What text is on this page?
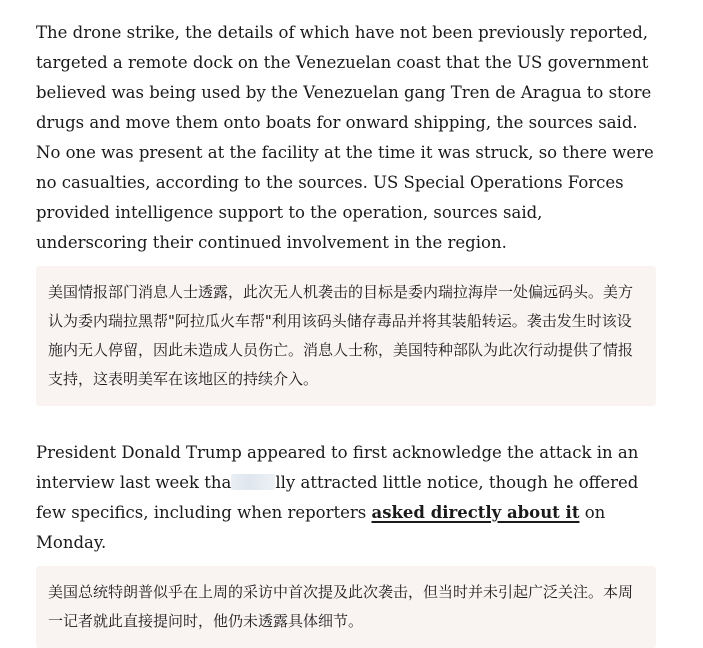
The drone strike, the details of which have not been previously reported, targeted a remote dock on the Venezuelan coast that the US government believed was being used by the Venezuelan gang Tren de Aragua to store drugs and move them onto boats for onward shipping, the sources said. No one was present at the facility at the time it was struck, so there were no casualties, according to the sources. US Special Operations Forces provided intelligence support to the operation, sources said, underscoring their continued involvement in the region.

美国情报部门消息人士透露，此次无人机袭击的目标是委内瑞拉海岸一处偏远码头。美方认为委内瑞拉黑帮"阿拉瓜火车帮"利用该码头储存毒品并将其装船转运。袭击发生时该设施内无人停留，因此未造成人员伤亡。消息人士称，美国特种部队为此次行动提供了情报支持，这表明美军在该地区的持续介入。

President Donald Trump appeared to first acknowledge the attack in an interview last week tha	lly attracted little notice, though he offered few specifics, including when reporters asked directly about it on Monday.

美国总统特朗普似乎在上周的采访中首次提及此次袭击，但当时并未引起广泛关注。本周一记者就此直接提问时，他仍未透露具体细节。
